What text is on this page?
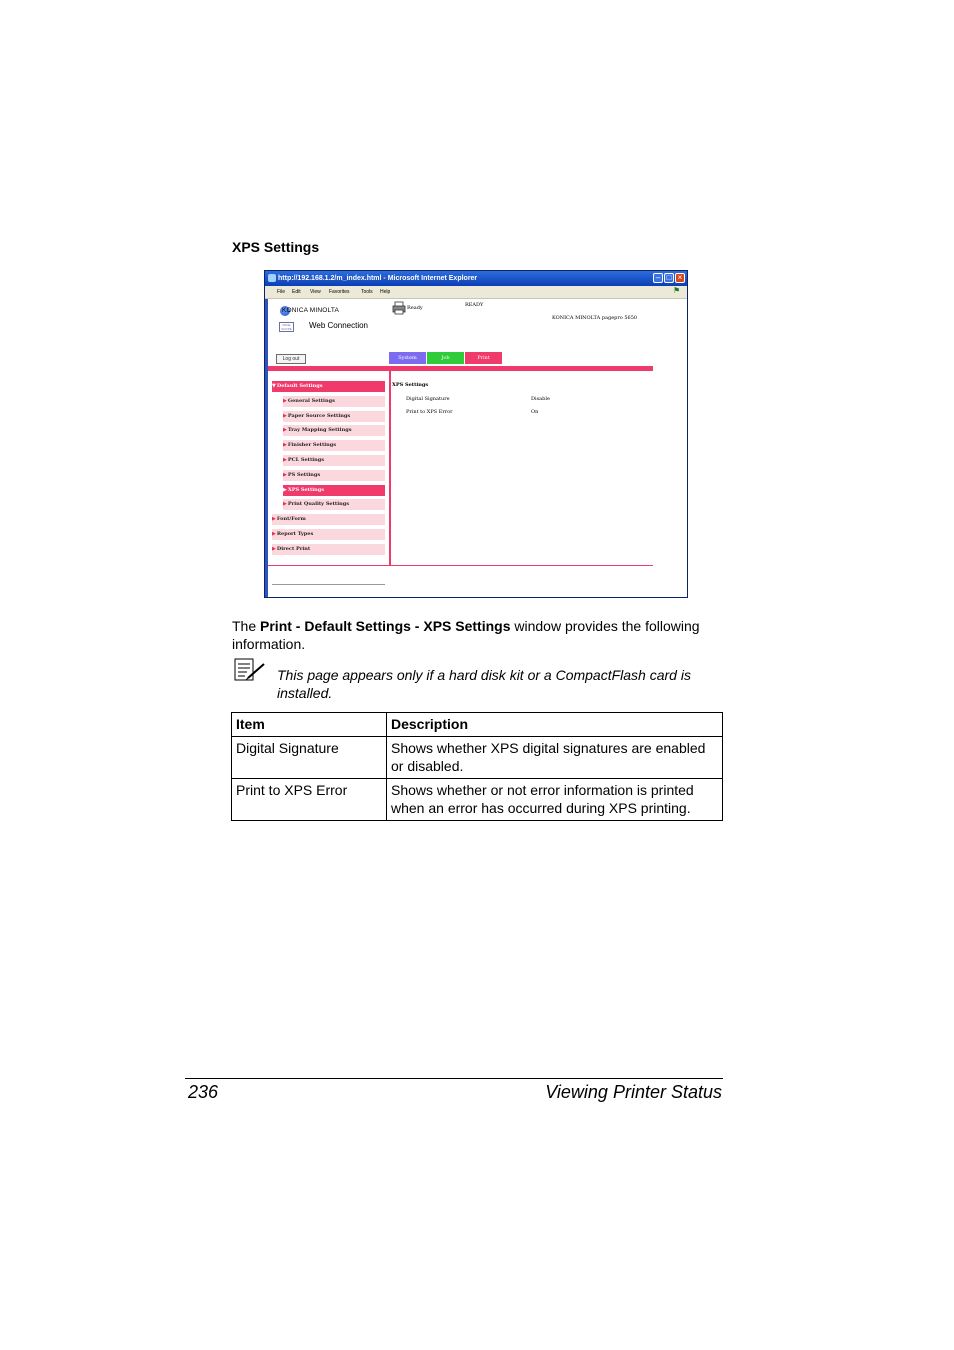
XPS Settings
http://192.168.1.2/m_index.html - Microsoft Internet Explorer	– □ ×
File Edit View Favorites Tools Help	⚑
KONICA MINOLTA
PAGE SCOPE Web Connection
Ready	READY
KONICA MINOLTA pagepro 5650
Log out	System	Job	Print
XPS Settings
Digital Signature	Disable
Print to XPS Error	On
▼Default Settings
▶General Settings
▶Paper Source Settings
▶Tray Mapping Settings
▶Finisher Settings
▶PCL Settings
▶PS Settings
▶XPS Settings
▶Print Quality Settings
▶Font/Form
▶Report Types
▶Direct Print
The Print - Default Settings - XPS Settings window provides the following information.
This page appears only if a hard disk kit or a CompactFlash card is installed.
Item	Description
Digital Signature	Shows whether XPS digital signatures are enabled or disabled.
Print to XPS Error	Shows whether or not error information is printed when an error has occurred during XPS printing.
236	Viewing Printer Status
